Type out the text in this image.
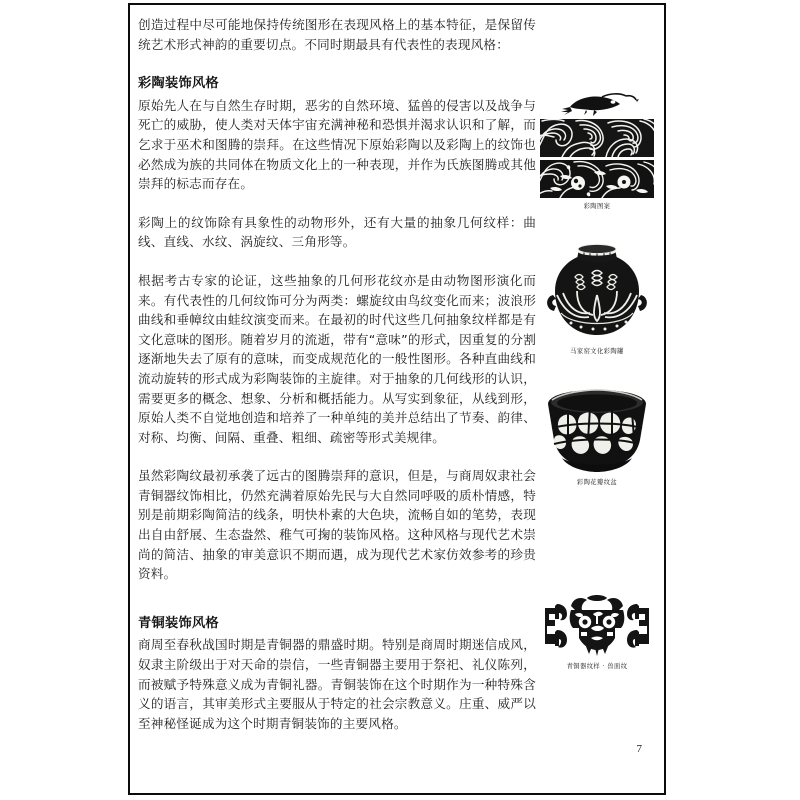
创造过程中尽可能地保持传统图形在表现风格上的基本特征，是保留传统艺术形式神韵的重要切点。不同时期最具有代表性的表现风格：

彩陶装饰风格

原始先人在与自然生存时期，恶劣的自然环境、猛兽的侵害以及战争与死亡的威胁，使人类对天体宇宙充满神秘和恐惧并渴求认识和了解，而乞求于巫术和图腾的崇拜。在这些情况下原始彩陶以及彩陶上的纹饰也必然成为族的共同体在物质文化上的一种表现，并作为氏族图腾或其他崇拜的标志而存在。

彩陶上的纹饰除有具象性的动物形外，还有大量的抽象几何纹样：曲线、直线、水纹、涡旋纹、三角形等。

根据考古专家的论证，这些抽象的几何形花纹亦是由动物图形演化而来。有代表性的几何纹饰可分为两类：螺旋纹由鸟纹变化而来；波浪形曲线和垂幛纹由蛙纹演变而来。在最初的时代这些几何抽象纹样都是有文化意味的图形。随着岁月的流逝，带有“意味”的形式，因重复的分割逐渐地失去了原有的意味，而变成规范化的一般性图形。各种直曲线和流动旋转的形式成为彩陶装饰的主旋律。对于抽象的几何线形的认识，需要更多的概念、想象、分析和概括能力。从写实到象征，从线到形，原始人类不自觉地创造和培养了一种单纯的美并总结出了节奏、韵律、对称、均衡、间隔、重叠、粗细、疏密等形式美规律。

虽然彩陶纹最初承袭了远古的图腾崇拜的意识，但是，与商周奴隶社会青铜器纹饰相比，仍然充满着原始先民与大自然同呼吸的质朴情感，特别是前期彩陶简洁的线条，明快朴素的大色块，流畅自如的笔势，表现出自由舒展、生态盎然、稚气可掬的装饰风格。这种风格与现代艺术崇尚的简洁、抽象的审美意识不期而遇，成为现代艺术家仿效参考的珍贵资料。

青铜装饰风格

商周至春秋战国时期是青铜器的鼎盛时期。特别是商周时期迷信成风，奴隶主阶级出于对天命的崇信，一些青铜器主要用于祭祀、礼仪陈列，而被赋予特殊意义成为青铜礼器。青铜装饰在这个时期作为一种特殊含义的语言，其审美形式主要服从于特定的社会宗教意义。庄重、威严以至神秘怪诞成为这个时期青铜装饰的主要风格。

彩陶图案
马家窑文化彩陶罐
彩陶花瓣纹盆
青铜器纹样 · 兽面纹
7
